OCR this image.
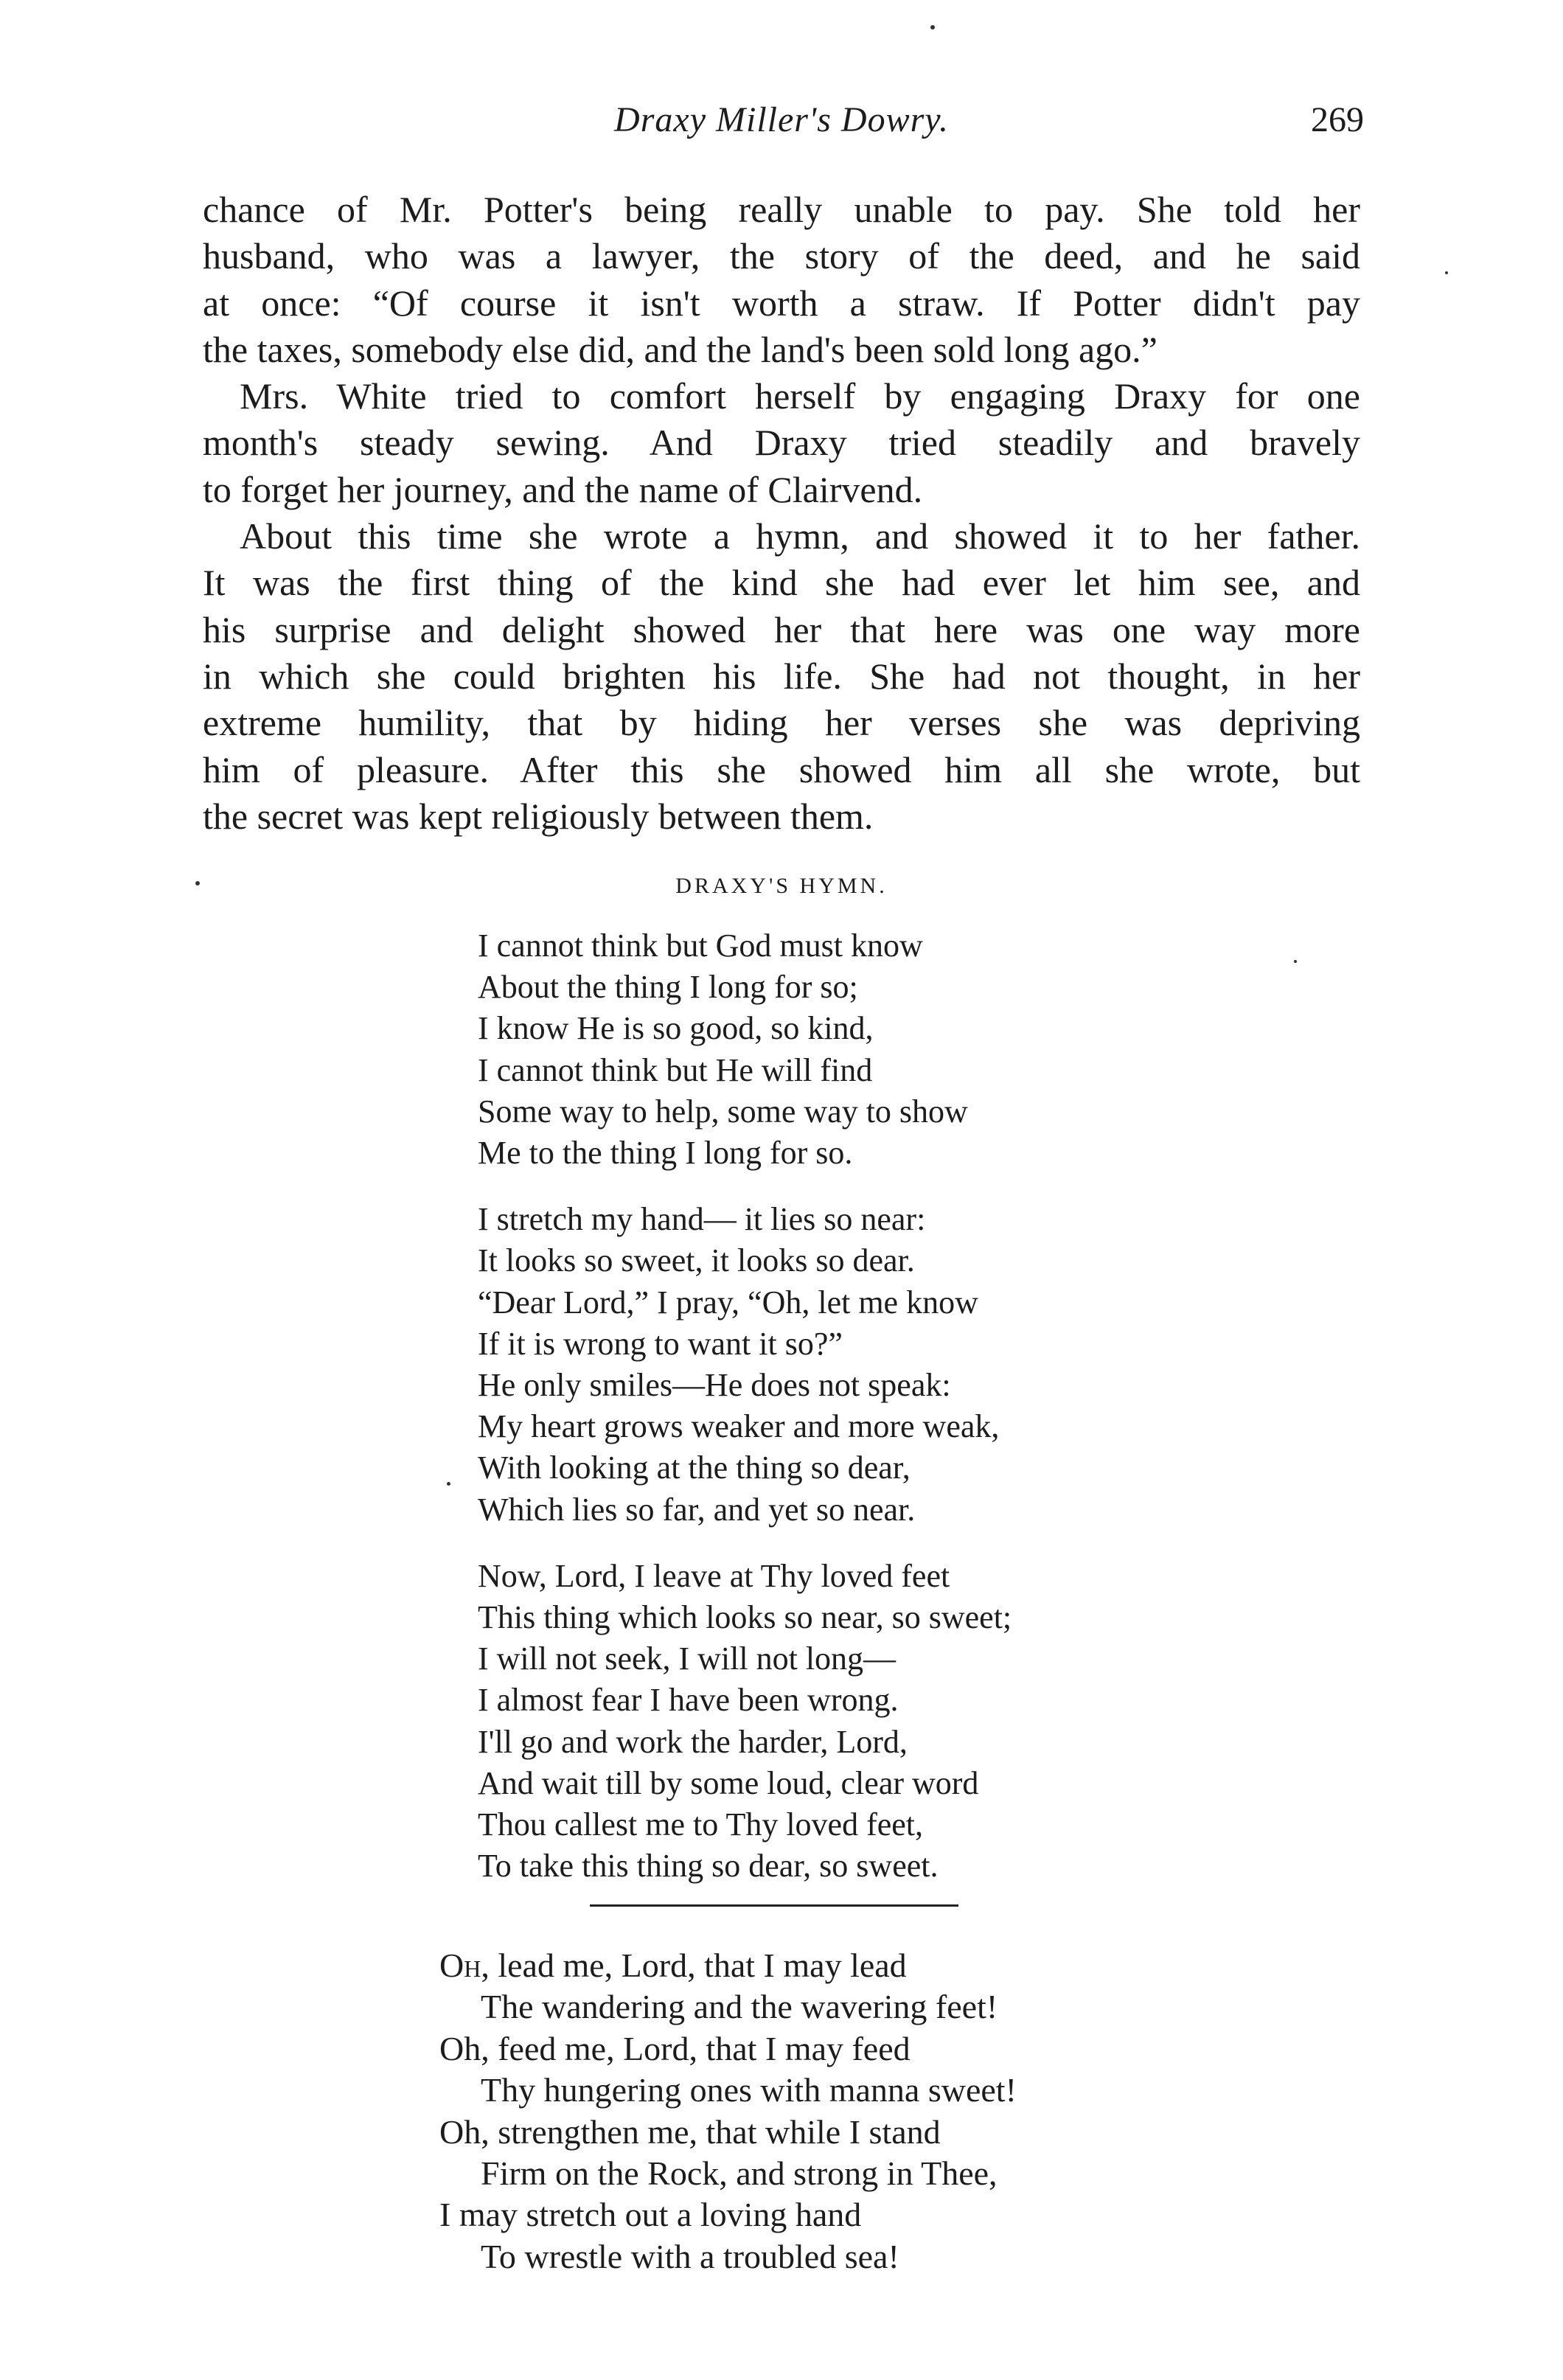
Draxy Miller's Dowry.	269

chance of Mr. Potter's being really unable to pay. She told her
husband, who was a lawyer, the story of the deed, and he said
at once: “Of course it isn't worth a straw. If Potter didn't pay
the taxes, somebody else did, and the land's been sold long ago.”

Mrs. White tried to comfort herself by engaging Draxy for one
month's steady sewing. And Draxy tried steadily and bravely
to forget her journey, and the name of Clairvend.

About this time she wrote a hymn, and showed it to her father.
It was the first thing of the kind she had ever let him see, and
his surprise and delight showed her that here was one way more
in which she could brighten his life. She had not thought, in her
extreme humility, that by hiding her verses she was depriving
him of pleasure. After this she showed him all she wrote, but
the secret was kept religiously between them.

DRAXY'S HYMN.
I cannot think but God must know
About the thing I long for so;
I know He is so good, so kind,
I cannot think but He will find
Some way to help, some way to show
Me to the thing I long for so.
I stretch my hand— it lies so near:
It looks so sweet, it looks so dear.
“Dear Lord,” I pray, “Oh, let me know
If it is wrong to want it so?”
He only smiles—He does not speak:
My heart grows weaker and more weak,
With looking at the thing so dear,
Which lies so far, and yet so near.
Now, Lord, I leave at Thy loved feet
This thing which looks so near, so sweet;
I will not seek, I will not long—
I almost fear I have been wrong.
I'll go and work the harder, Lord,
And wait till by some loud, clear word
Thou callest me to Thy loved feet,
To take this thing so dear, so sweet.
Oh, lead me, Lord, that I may lead
The wandering and the wavering feet!
Oh, feed me, Lord, that I may feed
Thy hungering ones with manna sweet!
Oh, strengthen me, that while I stand
Firm on the Rock, and strong in Thee,
I may stretch out a loving hand
To wrestle with a troubled sea!
